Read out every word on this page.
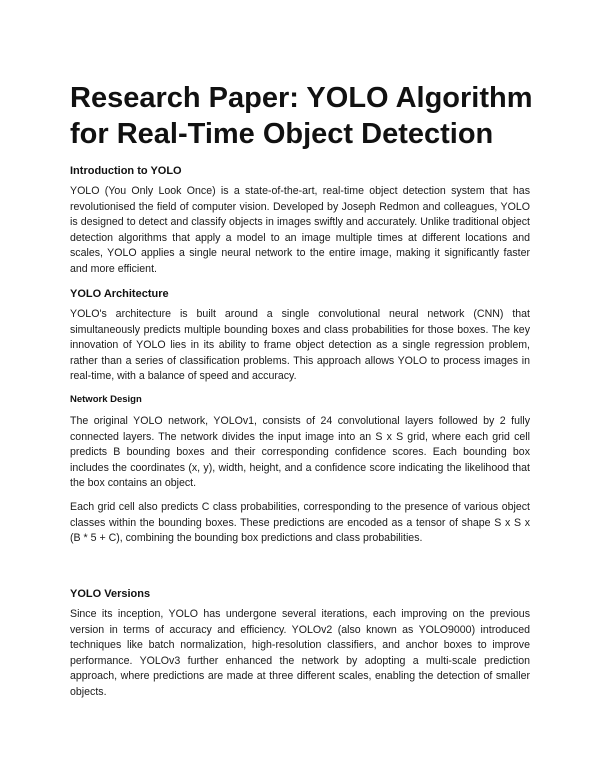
Research Paper: YOLO Algorithm for Real-Time Object Detection
Introduction to YOLO

YOLO (You Only Look Once) is a state-of-the-art, real-time object detection system that has revolutionised the field of computer vision. Developed by Joseph Redmon and colleagues, YOLO is designed to detect and classify objects in images swiftly and accurately. Unlike traditional object detection algorithms that apply a model to an image multiple times at different locations and scales, YOLO applies a single neural network to the entire image, making it significantly faster and more efficient.

YOLO Architecture

YOLO's architecture is built around a single convolutional neural network (CNN) that simultaneously predicts multiple bounding boxes and class probabilities for those boxes. The key innovation of YOLO lies in its ability to frame object detection as a single regression problem, rather than a series of classification problems. This approach allows YOLO to process images in real-time, with a balance of speed and accuracy.

Network Design

The original YOLO network, YOLOv1, consists of 24 convolutional layers followed by 2 fully connected layers. The network divides the input image into an S x S grid, where each grid cell predicts B bounding boxes and their corresponding confidence scores. Each bounding box includes the coordinates (x, y), width, height, and a confidence score indicating the likelihood that the box contains an object.

Each grid cell also predicts C class probabilities, corresponding to the presence of various object classes within the bounding boxes. These predictions are encoded as a tensor of shape S x S x (B * 5 + C), combining the bounding box predictions and class probabilities.

YOLO Versions

Since its inception, YOLO has undergone several iterations, each improving on the previous version in terms of accuracy and efficiency. YOLOv2 (also known as YOLO9000) introduced techniques like batch normalization, high-resolution classifiers, and anchor boxes to improve performance. YOLOv3 further enhanced the network by adopting a multi-scale prediction approach, where predictions are made at three different scales, enabling the detection of smaller objects.
